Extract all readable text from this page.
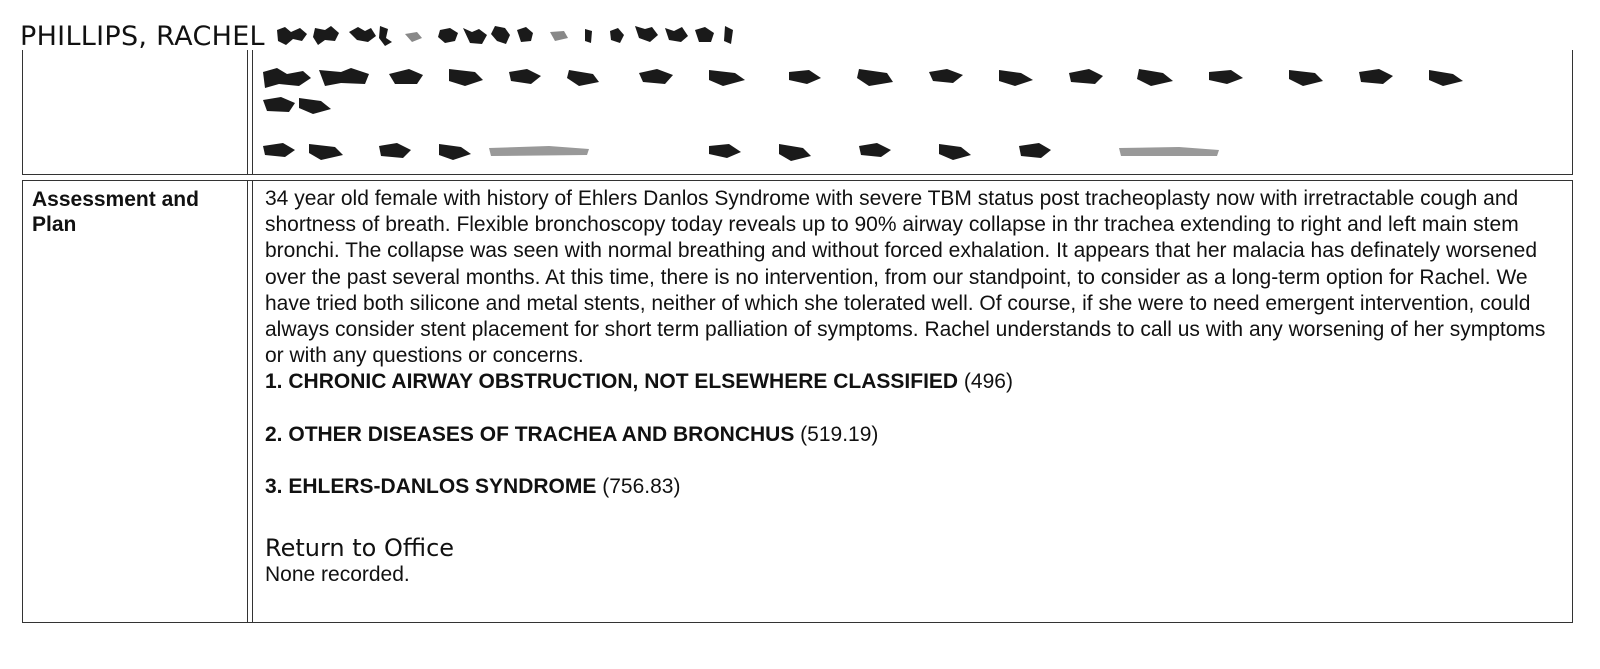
PHILLIPS, RACHEL
Assessment and Plan

34 year old female with history of Ehlers Danlos Syndrome with severe TBM status post tracheoplasty now with irretractable cough and shortness of breath. Flexible bronchoscopy today reveals up to 90% airway collapse in thr trachea extending to right and left main stem bronchi. The collapse was seen with normal breathing and without forced exhalation. It appears that her malacia has definately worsened over the past several months. At this time, there is no intervention, from our standpoint, to consider as a long-term option for Rachel. We have tried both silicone and metal stents, neither of which she tolerated well. Of course, if she were to need emergent intervention, could always consider stent placement for short term palliation of symptoms. Rachel understands to call us with any worsening of her symptoms or with any questions or concerns.

1. CHRONIC AIRWAY OBSTRUCTION, NOT ELSEWHERE CLASSIFIED (496)
2. OTHER DISEASES OF TRACHEA AND BRONCHUS (519.19)
3. EHLERS-DANLOS SYNDROME (756.83)
Return to Office
None recorded.
